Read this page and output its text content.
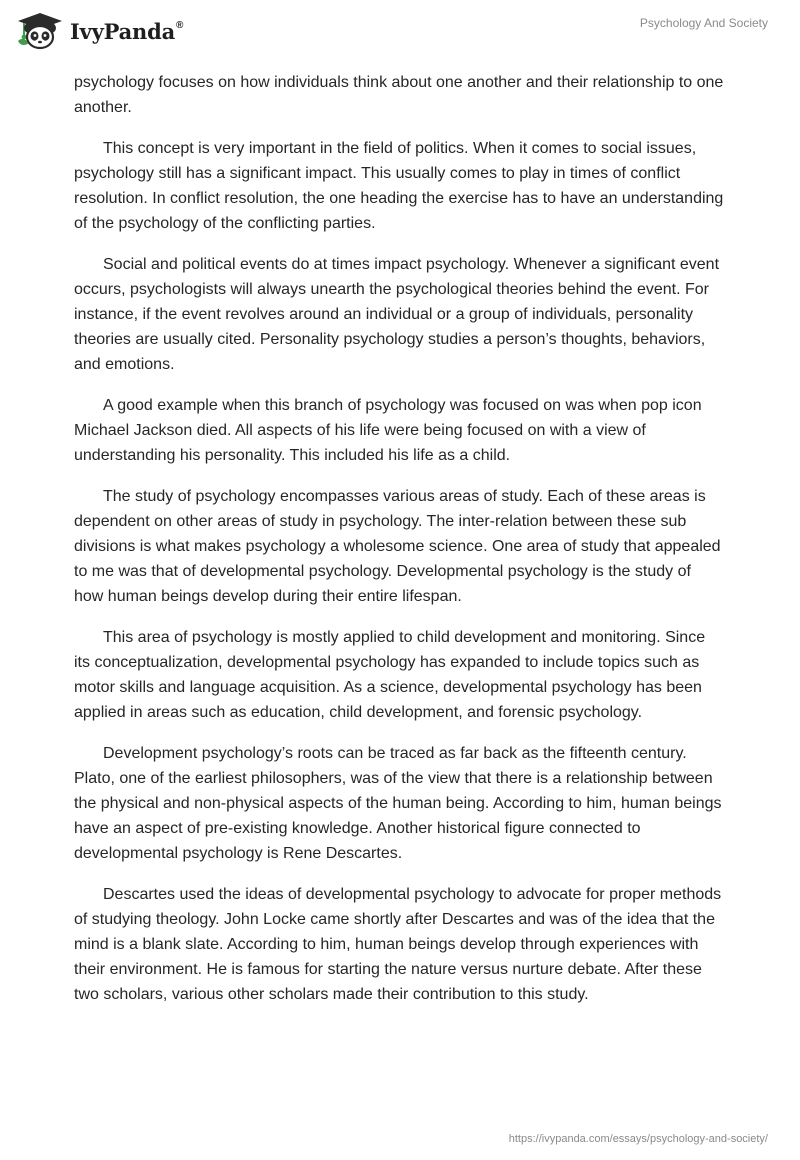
IvyPanda®	Psychology And Society

psychology focuses on how individuals think about one another and their relationship to one another.

This concept is very important in the field of politics. When it comes to social issues, psychology still has a significant impact. This usually comes to play in times of conflict resolution. In conflict resolution, the one heading the exercise has to have an understanding of the psychology of the conflicting parties.

Social and political events do at times impact psychology. Whenever a significant event occurs, psychologists will always unearth the psychological theories behind the event. For instance, if the event revolves around an individual or a group of individuals, personality theories are usually cited. Personality psychology studies a person’s thoughts, behaviors, and emotions.

A good example when this branch of psychology was focused on was when pop icon Michael Jackson died. All aspects of his life were being focused on with a view of understanding his personality. This included his life as a child.

The study of psychology encompasses various areas of study. Each of these areas is dependent on other areas of study in psychology. The inter-relation between these sub divisions is what makes psychology a wholesome science. One area of study that appealed to me was that of developmental psychology. Developmental psychology is the study of how human beings develop during their entire lifespan.

This area of psychology is mostly applied to child development and monitoring. Since its conceptualization, developmental psychology has expanded to include topics such as motor skills and language acquisition. As a science, developmental psychology has been applied in areas such as education, child development, and forensic psychology.

Development psychology’s roots can be traced as far back as the fifteenth century. Plato, one of the earliest philosophers, was of the view that there is a relationship between the physical and non-physical aspects of the human being. According to him, human beings have an aspect of pre-existing knowledge. Another historical figure connected to developmental psychology is Rene Descartes.

Descartes used the ideas of developmental psychology to advocate for proper methods of studying theology. John Locke came shortly after Descartes and was of the idea that the mind is a blank slate. According to him, human beings develop through experiences with their environment. He is famous for starting the nature versus nurture debate. After these two scholars, various other scholars made their contribution to this study.

https://ivypanda.com/essays/psychology-and-society/
